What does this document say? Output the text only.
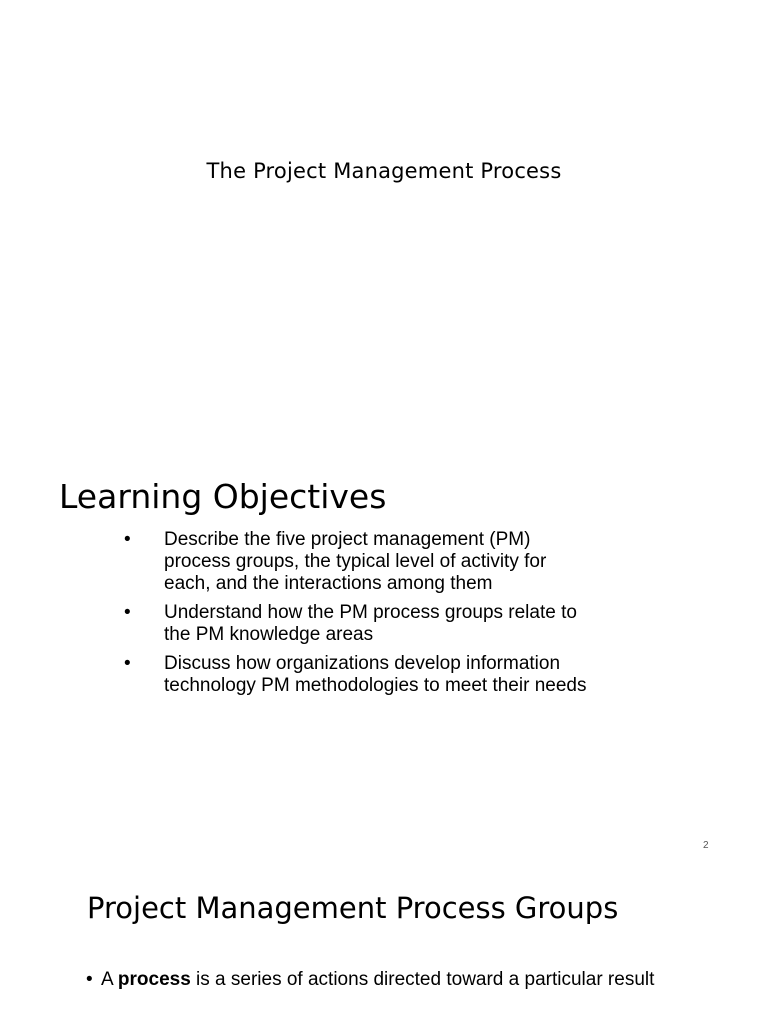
The Project Management Process
Learning Objectives
• Describe the five project management (PM) process groups, the typical level of activity for each, and the interactions among them
• Understand how the PM process groups relate to the PM knowledge areas
• Discuss how organizations develop information technology PM methodologies to meet their needs
2
Project Management Process Groups
• A process is a series of actions directed toward a particular result
